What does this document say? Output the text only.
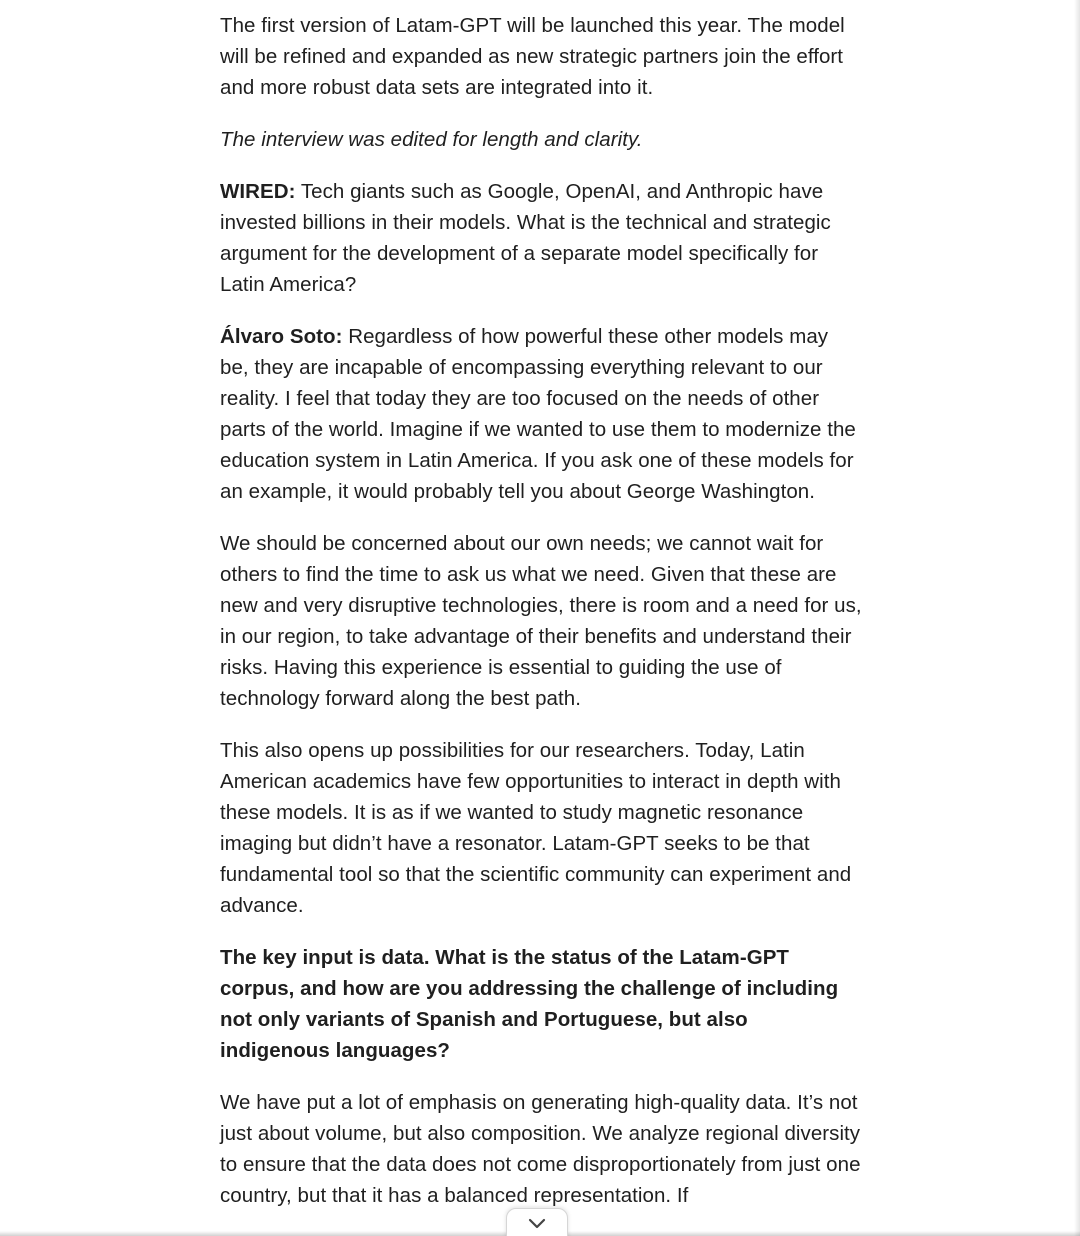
The first version of Latam-GPT will be launched this year. The model will be refined and expanded as new strategic partners join the effort and more robust data sets are integrated into it.

The interview was edited for length and clarity.

WIRED: Tech giants such as Google, OpenAI, and Anthropic have invested billions in their models. What is the technical and strategic argument for the development of a separate model specifically for Latin America?

Álvaro Soto: Regardless of how powerful these other models may be, they are incapable of encompassing everything relevant to our reality. I feel that today they are too focused on the needs of other parts of the world. Imagine if we wanted to use them to modernize the education system in Latin America. If you ask one of these models for an example, it would probably tell you about George Washington.

We should be concerned about our own needs; we cannot wait for others to find the time to ask us what we need. Given that these are new and very disruptive technologies, there is room and a need for us, in our region, to take advantage of their benefits and understand their risks. Having this experience is essential to guiding the use of technology forward along the best path.

This also opens up possibilities for our researchers. Today, Latin American academics have few opportunities to interact in depth with these models. It is as if we wanted to study magnetic resonance imaging but didn’t have a resonator. Latam-GPT seeks to be that fundamental tool so that the scientific community can experiment and advance.

The key input is data. What is the status of the Latam-GPT corpus, and how are you addressing the challenge of including not only variants of Spanish and Portuguese, but also indigenous languages?

We have put a lot of emphasis on generating high-quality data. It’s not just about volume, but also composition. We analyze regional diversity to ensure that the data does not come disproportionately from just one country, but that it has a balanced representation. If
